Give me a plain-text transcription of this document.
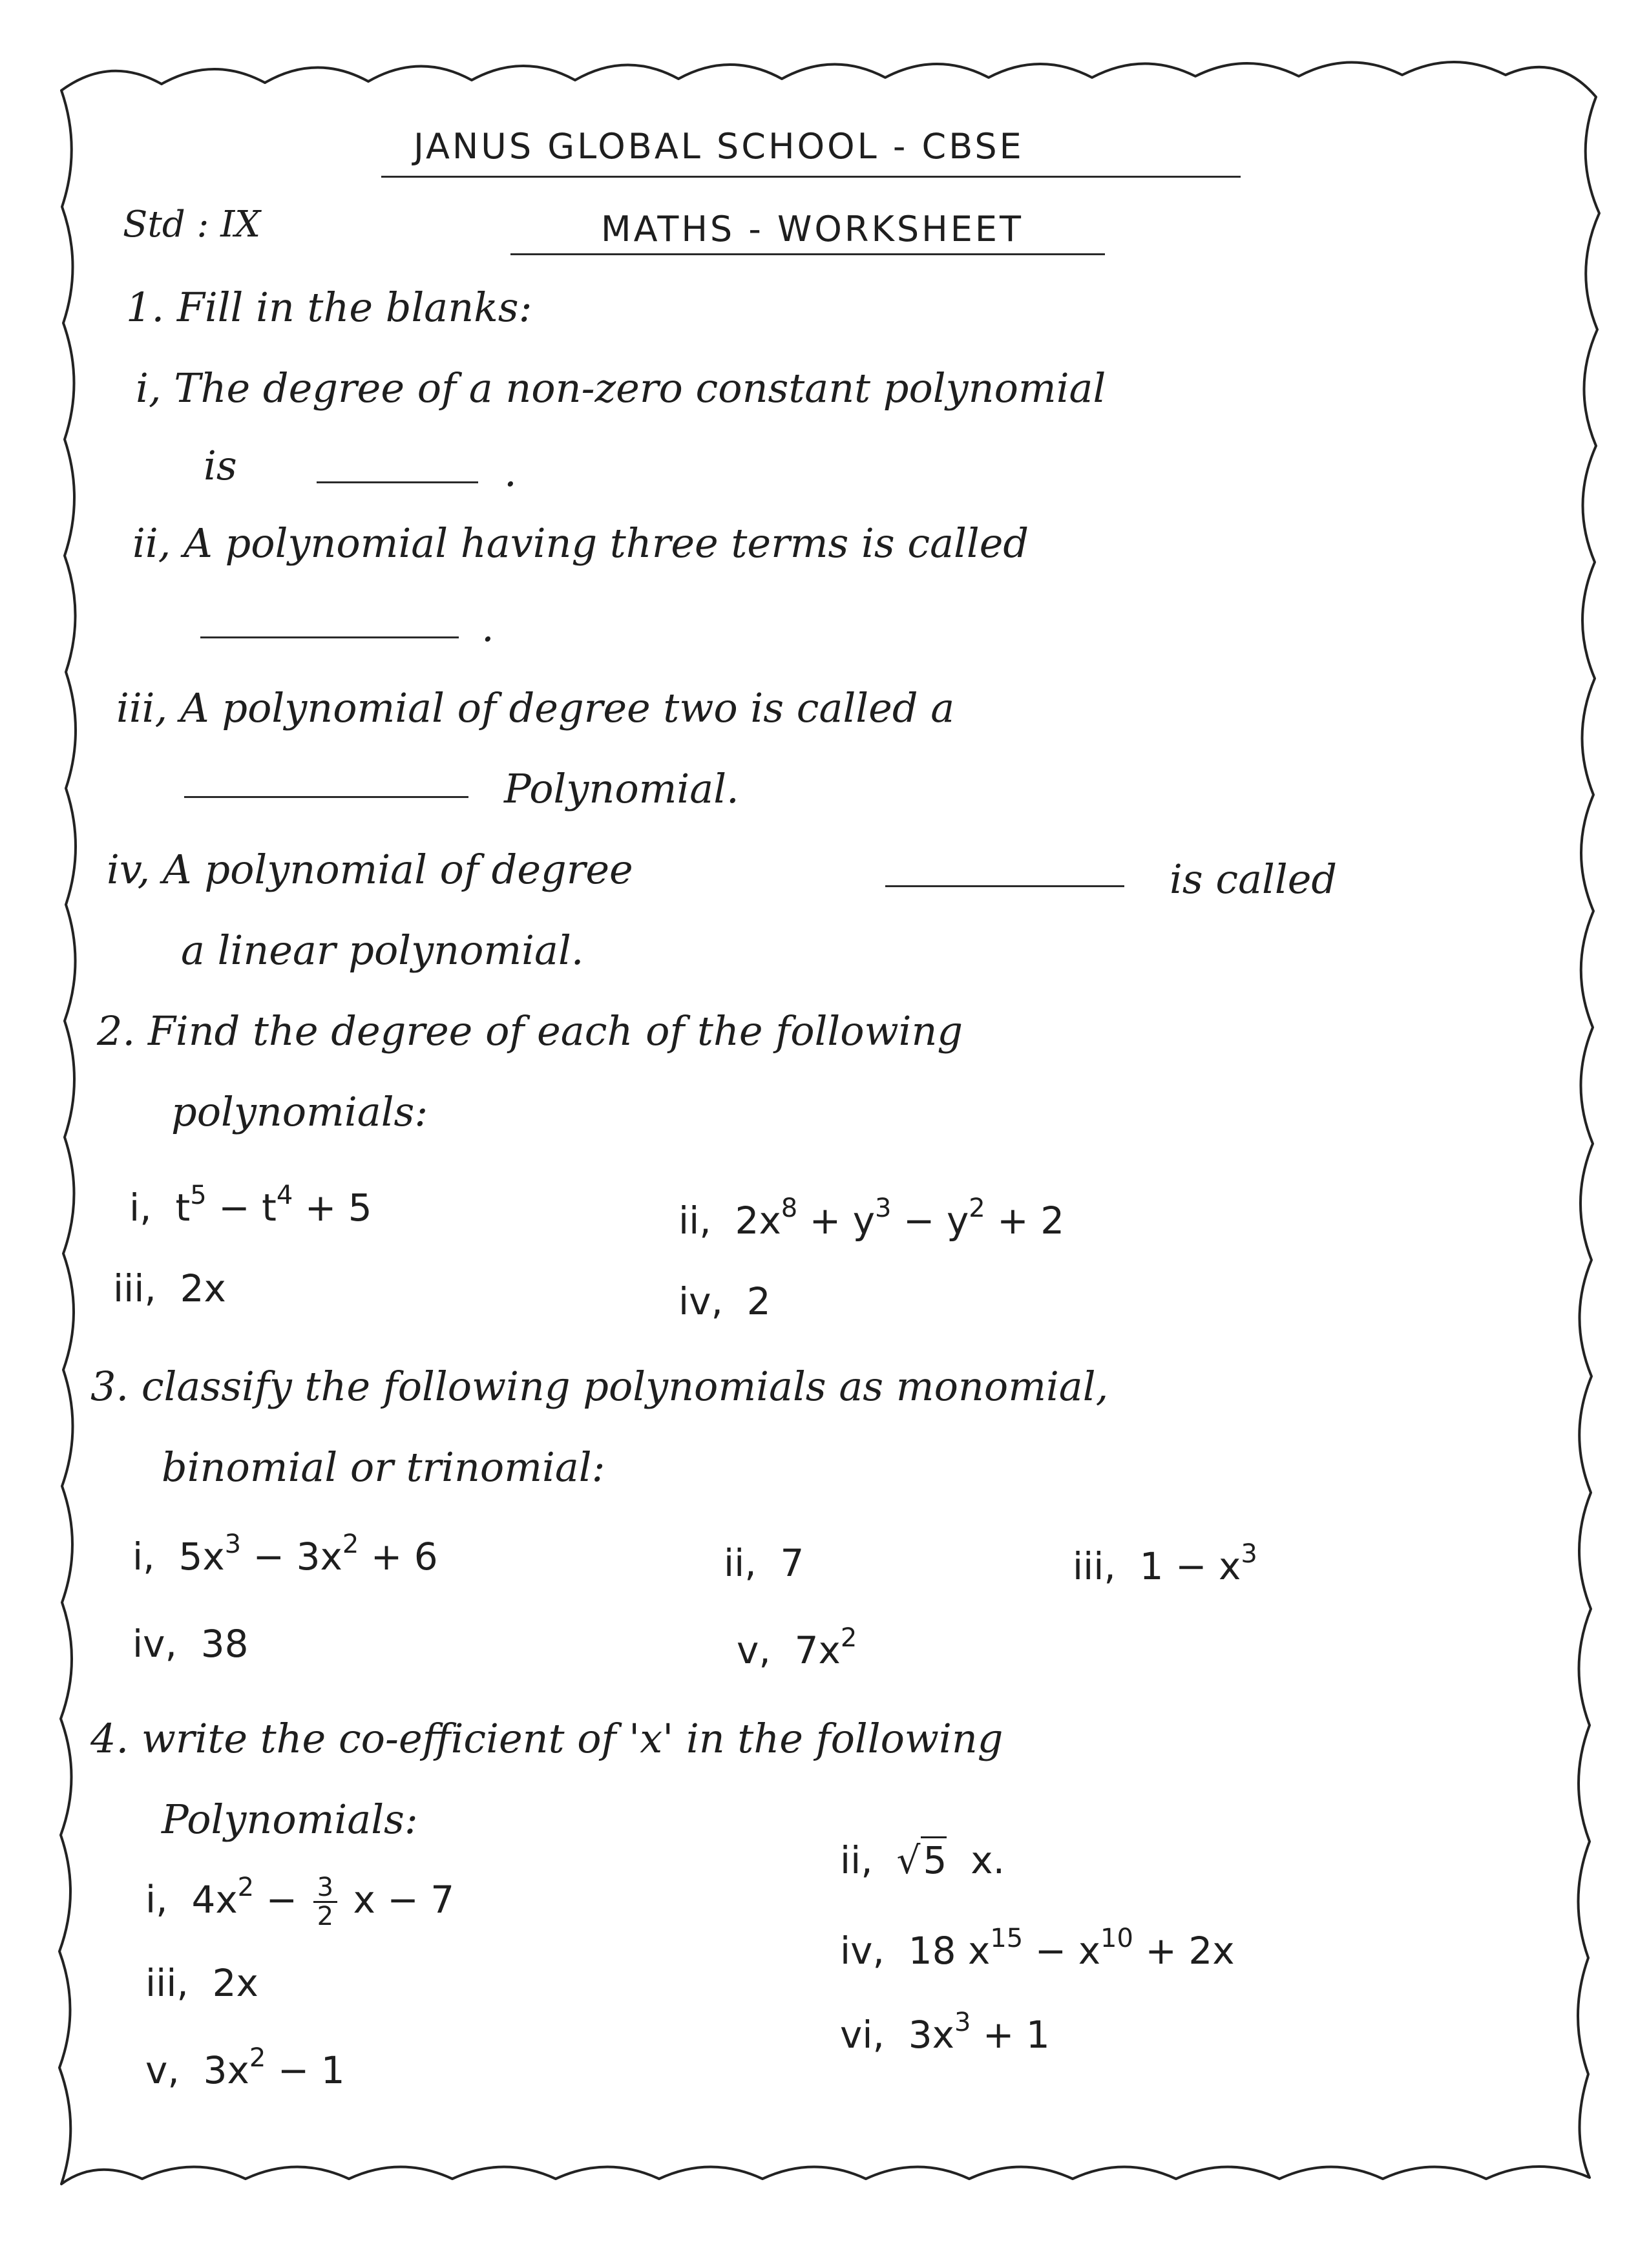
JANUS GLOBAL SCHOOL - CBSE
Std : IX	MATHS - WORKSHEET
1. Fill in the blanks:
i, The degree of a non-zero constant polynomial
is	.
ii, A polynomial having three terms is called
.
iii, A polynomial of degree two is called a
Polynomial.
iv, A polynomial of degree	is called
a linear polynomial.
2. Find the degree of each of the following
polynomials:
i, $t^5 - t^4 + 5$	ii, $2x^8 + y^3 - y^2 + 2$
iii, 2x	iv, 2
3. classify the following polynomials as monomial,
binomial or trinomial:
i, $5x^3 - 3x^2 + 6$	ii, 7	iii, $1 - x^3$
iv, 38	v, $7x^2$
4. write the co-efficient of 'x' in the following
Polynomials:
i, $4x^2 - \frac{3}{2}$ x − 7
ii, √5 x.
iii, 2x
iv, 18 $x^{15} - x^{10} + 2x$
v, $3x^2 - 1$
vi, $3x^3 + 1$
